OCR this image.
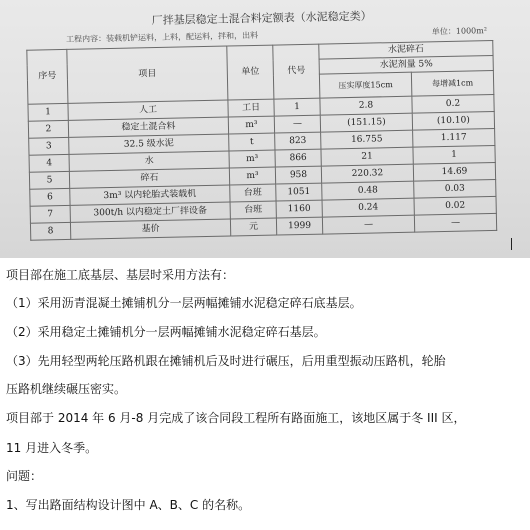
厂拌基层稳定土混合料定额表（水泥稳定类）
工程内容：装载机铲运料，上料，配运料，拌和，出料	单位：1000m²
序号	项目	单位	代号	水泥碎石	
				水泥剂量 5%	
				压实厚度15cm	每增减1cm
1	人工	工日	1	2.8	0.2
2	稳定土混合料	m³	—	(151.15)	(10.10)
3	32.5 级水泥	t	823	16.755	1.117
4	水	m³	866	21	1
5	碎石	m³	958	220.32	14.69
6	3m³ 以内轮胎式装载机	台班	1051	0.48	0.03
7	300t/h 以内稳定土厂拌设备	台班	1160	0.24	0.02
8	基价	元	1999	—	—
项目部在施工底基层、基层时采用方法有：
（1）采用沥青混凝土摊铺机分一层两幅摊铺水泥稳定碎石底基层。
（2）采用稳定土摊铺机分一层两幅摊铺水泥稳定碎石基层。
（3）先用轻型两轮压路机跟在摊铺机后及时进行碾压，后用重型振动压路机，轮胎
压路机继续碾压密实。
项目部于 2014 年 6 月-8 月完成了该合同段工程所有路面施工，该地区属于冬 III 区，
11 月进入冬季。
问题：
1、写出路面结构设计图中 A、B、C 的名称。
